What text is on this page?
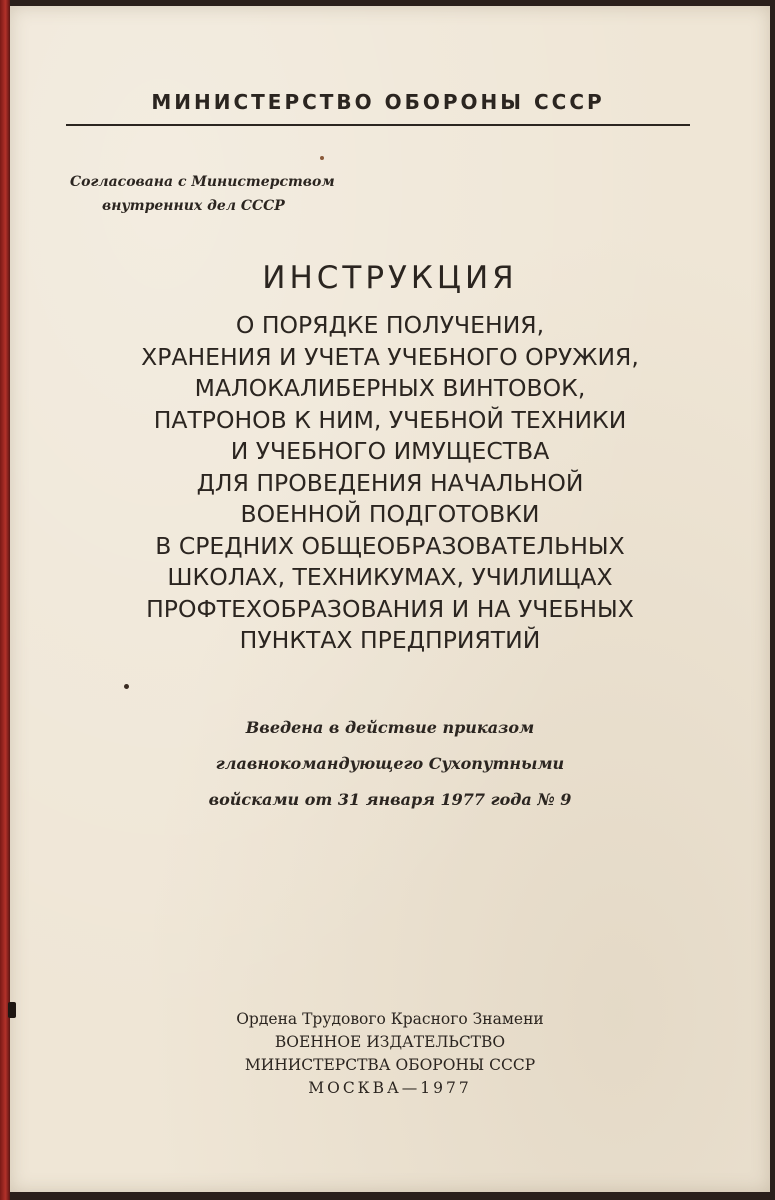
МИНИСТЕРСТВО ОБОРОНЫ СССР
Согласована с Министерством
внутренних дел СССР
ИНСТРУКЦИЯ
О ПОРЯДКЕ ПОЛУЧЕНИЯ,
ХРАНЕНИЯ И УЧЕТА УЧЕБНОГО ОРУЖИЯ,
МАЛОКАЛИБЕРНЫХ ВИНТОВОК,
ПАТРОНОВ К НИМ, УЧЕБНОЙ ТЕХНИКИ
И УЧЕБНОГО ИМУЩЕСТВА
ДЛЯ ПРОВЕДЕНИЯ НАЧАЛЬНОЙ
ВОЕННОЙ ПОДГОТОВКИ
В СРЕДНИХ ОБЩЕОБРАЗОВАТЕЛЬНЫХ
ШКОЛАХ, ТЕХНИКУМАХ, УЧИЛИЩАХ
ПРОФТЕХОБРАЗОВАНИЯ И НА УЧЕБНЫХ
ПУНКТАХ ПРЕДПРИЯТИЙ
Введена в действие приказом
главнокомандующего Сухопутными
войсками от 31 января 1977 года № 9
Ордена Трудового Красного Знамени
ВОЕННОЕ ИЗДАТЕЛЬСТВО
МИНИСТЕРСТВА ОБОРОНЫ СССР
МОСКВА—1977
